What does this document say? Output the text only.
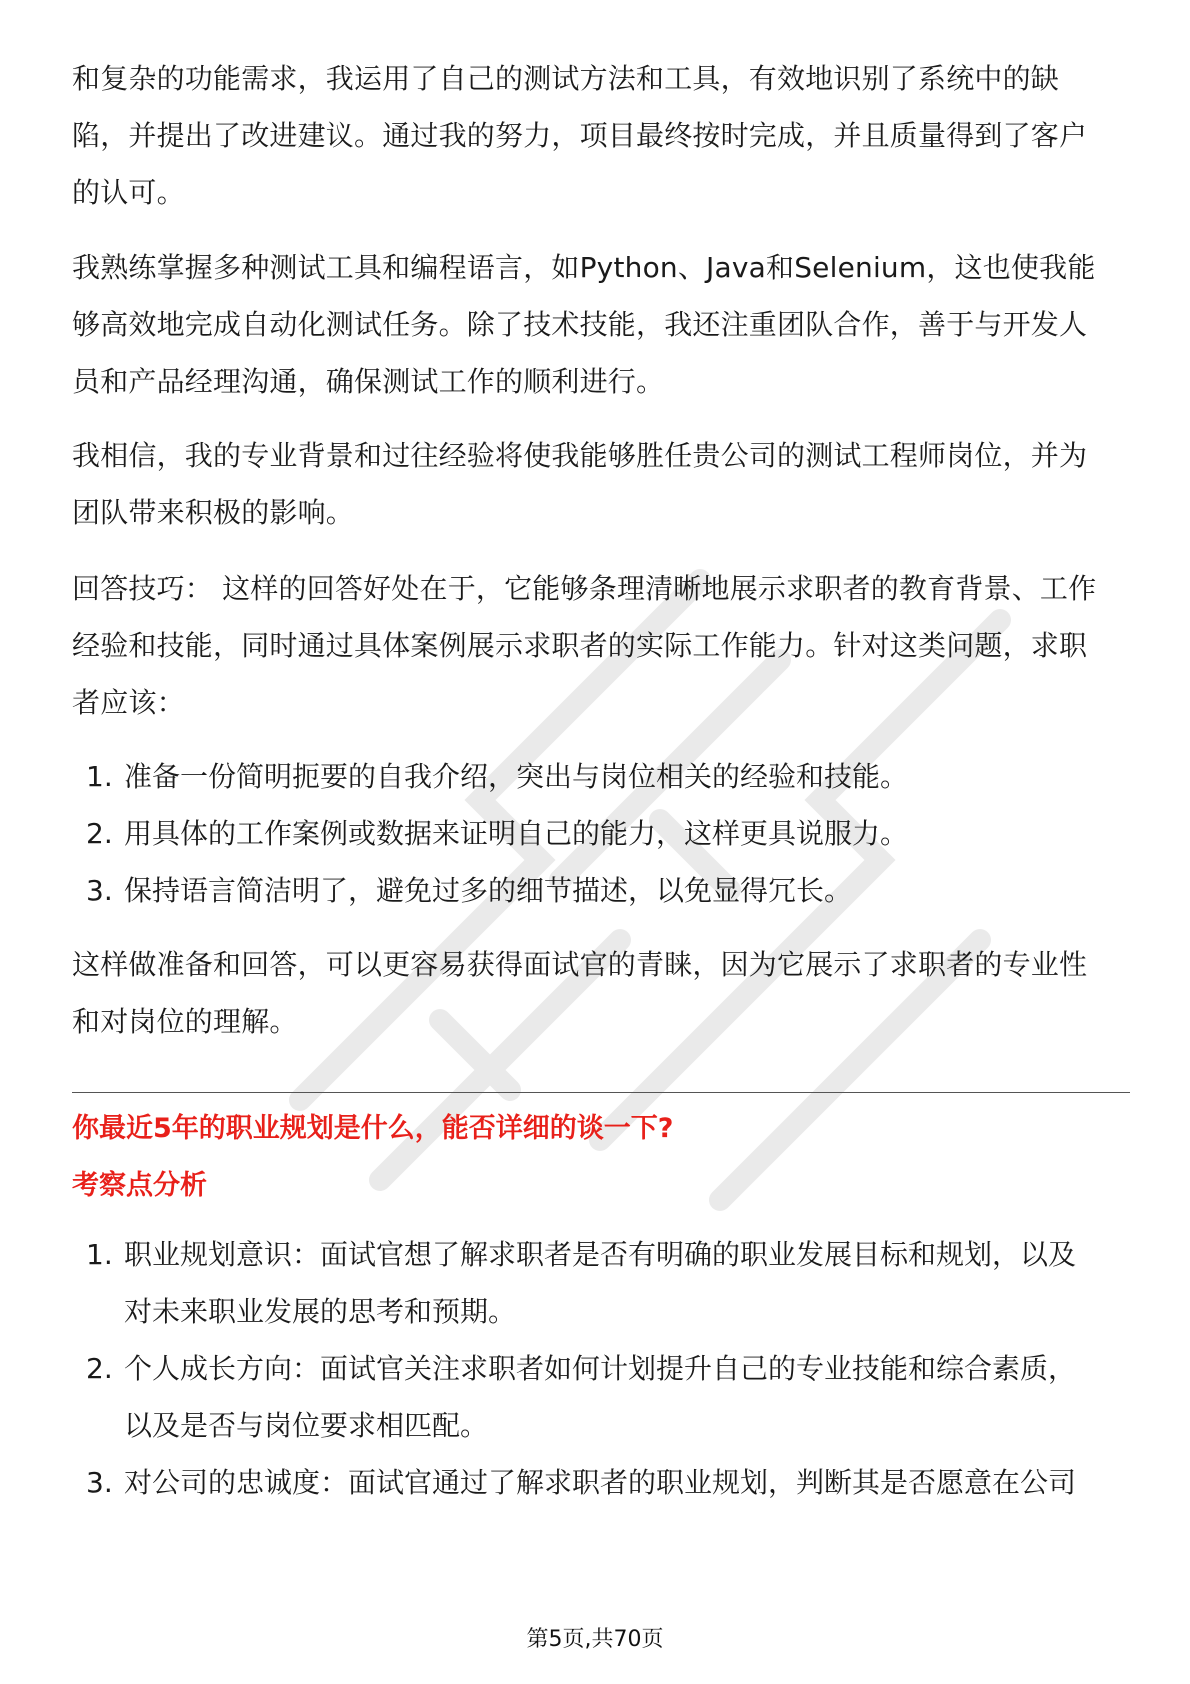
和复杂的功能需求，我运用了自己的测试方法和工具，有效地识别了系统中的缺

陷，并提出了改进建议。通过我的努力，项目最终按时完成，并且质量得到了客户

的认可。

我熟练掌握多种测试工具和编程语言，如Python、Java和Selenium，这也使我能

够高效地完成自动化测试任务。除了技术技能，我还注重团队合作，善于与开发人

员和产品经理沟通，确保测试工作的顺利进行。

我相信，我的专业背景和过往经验将使我能够胜任贵公司的测试工程师岗位，并为

团队带来积极的影响。

回答技巧： 这样的回答好处在于，它能够条理清晰地展示求职者的教育背景、工作

经验和技能，同时通过具体案例展示求职者的实际工作能力。针对这类问题，求职

者应该：

1. 准备一份简明扼要的自我介绍，突出与岗位相关的经验和技能。
2. 用具体的工作案例或数据来证明自己的能力，这样更具说服力。
3. 保持语言简洁明了，避免过多的细节描述，以免显得冗长。

这样做准备和回答，可以更容易获得面试官的青睐，因为它展示了求职者的专业性

和对岗位的理解。

你最近5年的职业规划是什么，能否详细的谈一下?
考察点分析
1. 职业规划意识：面试官想了解求职者是否有明确的职业发展目标和规划，以及
对未来职业发展的思考和预期。
2. 个人成长方向：面试官关注求职者如何计划提升自己的专业技能和综合素质，
以及是否与岗位要求相匹配。
3. 对公司的忠诚度：面试官通过了解求职者的职业规划，判断其是否愿意在公司
第5页,共70页
